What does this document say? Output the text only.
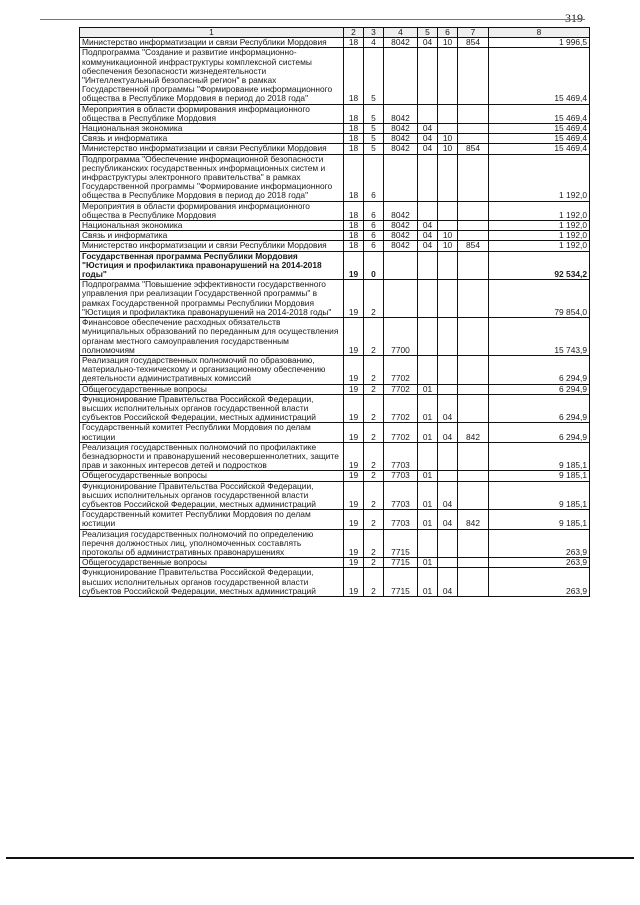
319
1	2	3	4	5	6	7	8
Министерство информатизации и связи Республики Мордовия	18	4	8042	04	10	854	1 996,5
Подпрограмма "Создание и развитие информационно-коммуникационной инфраструктуры комплексной системы обеспечения безопасности жизнедеятельности "Интеллектуальный безопасный регион" в рамках Государственной программы "Формирование информационного общества в Республике Мордовия в период до 2018 года"	18	5					15 469,4
Мероприятия в области формирования информационного общества в Республике Мордовия	18	5	8042				15 469,4
Национальная экономика	18	5	8042	04			15 469,4
Связь и информатика	18	5	8042	04	10		15 469,4
Министерство информатизации и связи Республики Мордовия	18	5	8042	04	10	854	15 469,4
Подпрограмма "Обеспечение информационной безопасности республиканских государственных информационных систем и инфраструктуры электронного правительства" в рамках Государственной программы "Формирование информационного общества в Республике Мордовия в период до 2018 года"	18	6					1 192,0
Мероприятия в области формирования информационного общества в Республике Мордовия	18	6	8042				1 192,0
Национальная экономика	18	6	8042	04			1 192,0
Связь и информатика	18	6	8042	04	10		1 192,0
Министерство информатизации и связи Республики Мордовия	18	6	8042	04	10	854	1 192,0
Государственная программа Республики Мордовия "Юстиция и профилактика правонарушений на 2014-2018 годы"	19	0					92 534,2
Подпрограмма "Повышение эффективности государственного управления при реализации Государственной программы" в рамках Государственной программы Республики Мордовия "Юстиция и профилактика правонарушений на 2014-2018 годы"	19	2					79 854,0
Финансовое обеспечение расходных обязательств муниципальных образований по переданным для осуществления органам местного самоуправления государственным полномочиям	19	2	7700				15 743,9
Реализация государственных полномочий по образованию, материально-техническому и организационному обеспечению деятельности административных комиссий	19	2	7702				6 294,9
Общегосударственные вопросы	19	2	7702	01			6 294,9
Функционирование Правительства Российской Федерации, высших исполнительных органов государственной власти субъектов Российской Федерации, местных администраций	19	2	7702	01	04		6 294,9
Государственный комитет Республики Мордовия по делам юстиции	19	2	7702	01	04	842	6 294,9
Реализация государственных полномочий по профилактике безнадзорности и правонарушений несовершеннолетних, защите прав и законных интересов детей и подростков	19	2	7703				9 185,1
Общегосударственные вопросы	19	2	7703	01			9 185,1
Функционирование Правительства Российской Федерации, высших исполнительных органов государственной власти субъектов Российской Федерации, местных администраций	19	2	7703	01	04		9 185,1
Государственный комитет Республики Мордовия по делам юстиции	19	2	7703	01	04	842	9 185,1
Реализация государственных полномочий по определению перечня должностных лиц, уполномоченных составлять протоколы об административных правонарушениях	19	2	7715				263,9
Общегосударственные вопросы	19	2	7715	01			263,9
Функционирование Правительства Российской Федерации, высших исполнительных органов государственной власти субъектов Российской Федерации, местных администраций	19	2	7715	01	04		263,9
